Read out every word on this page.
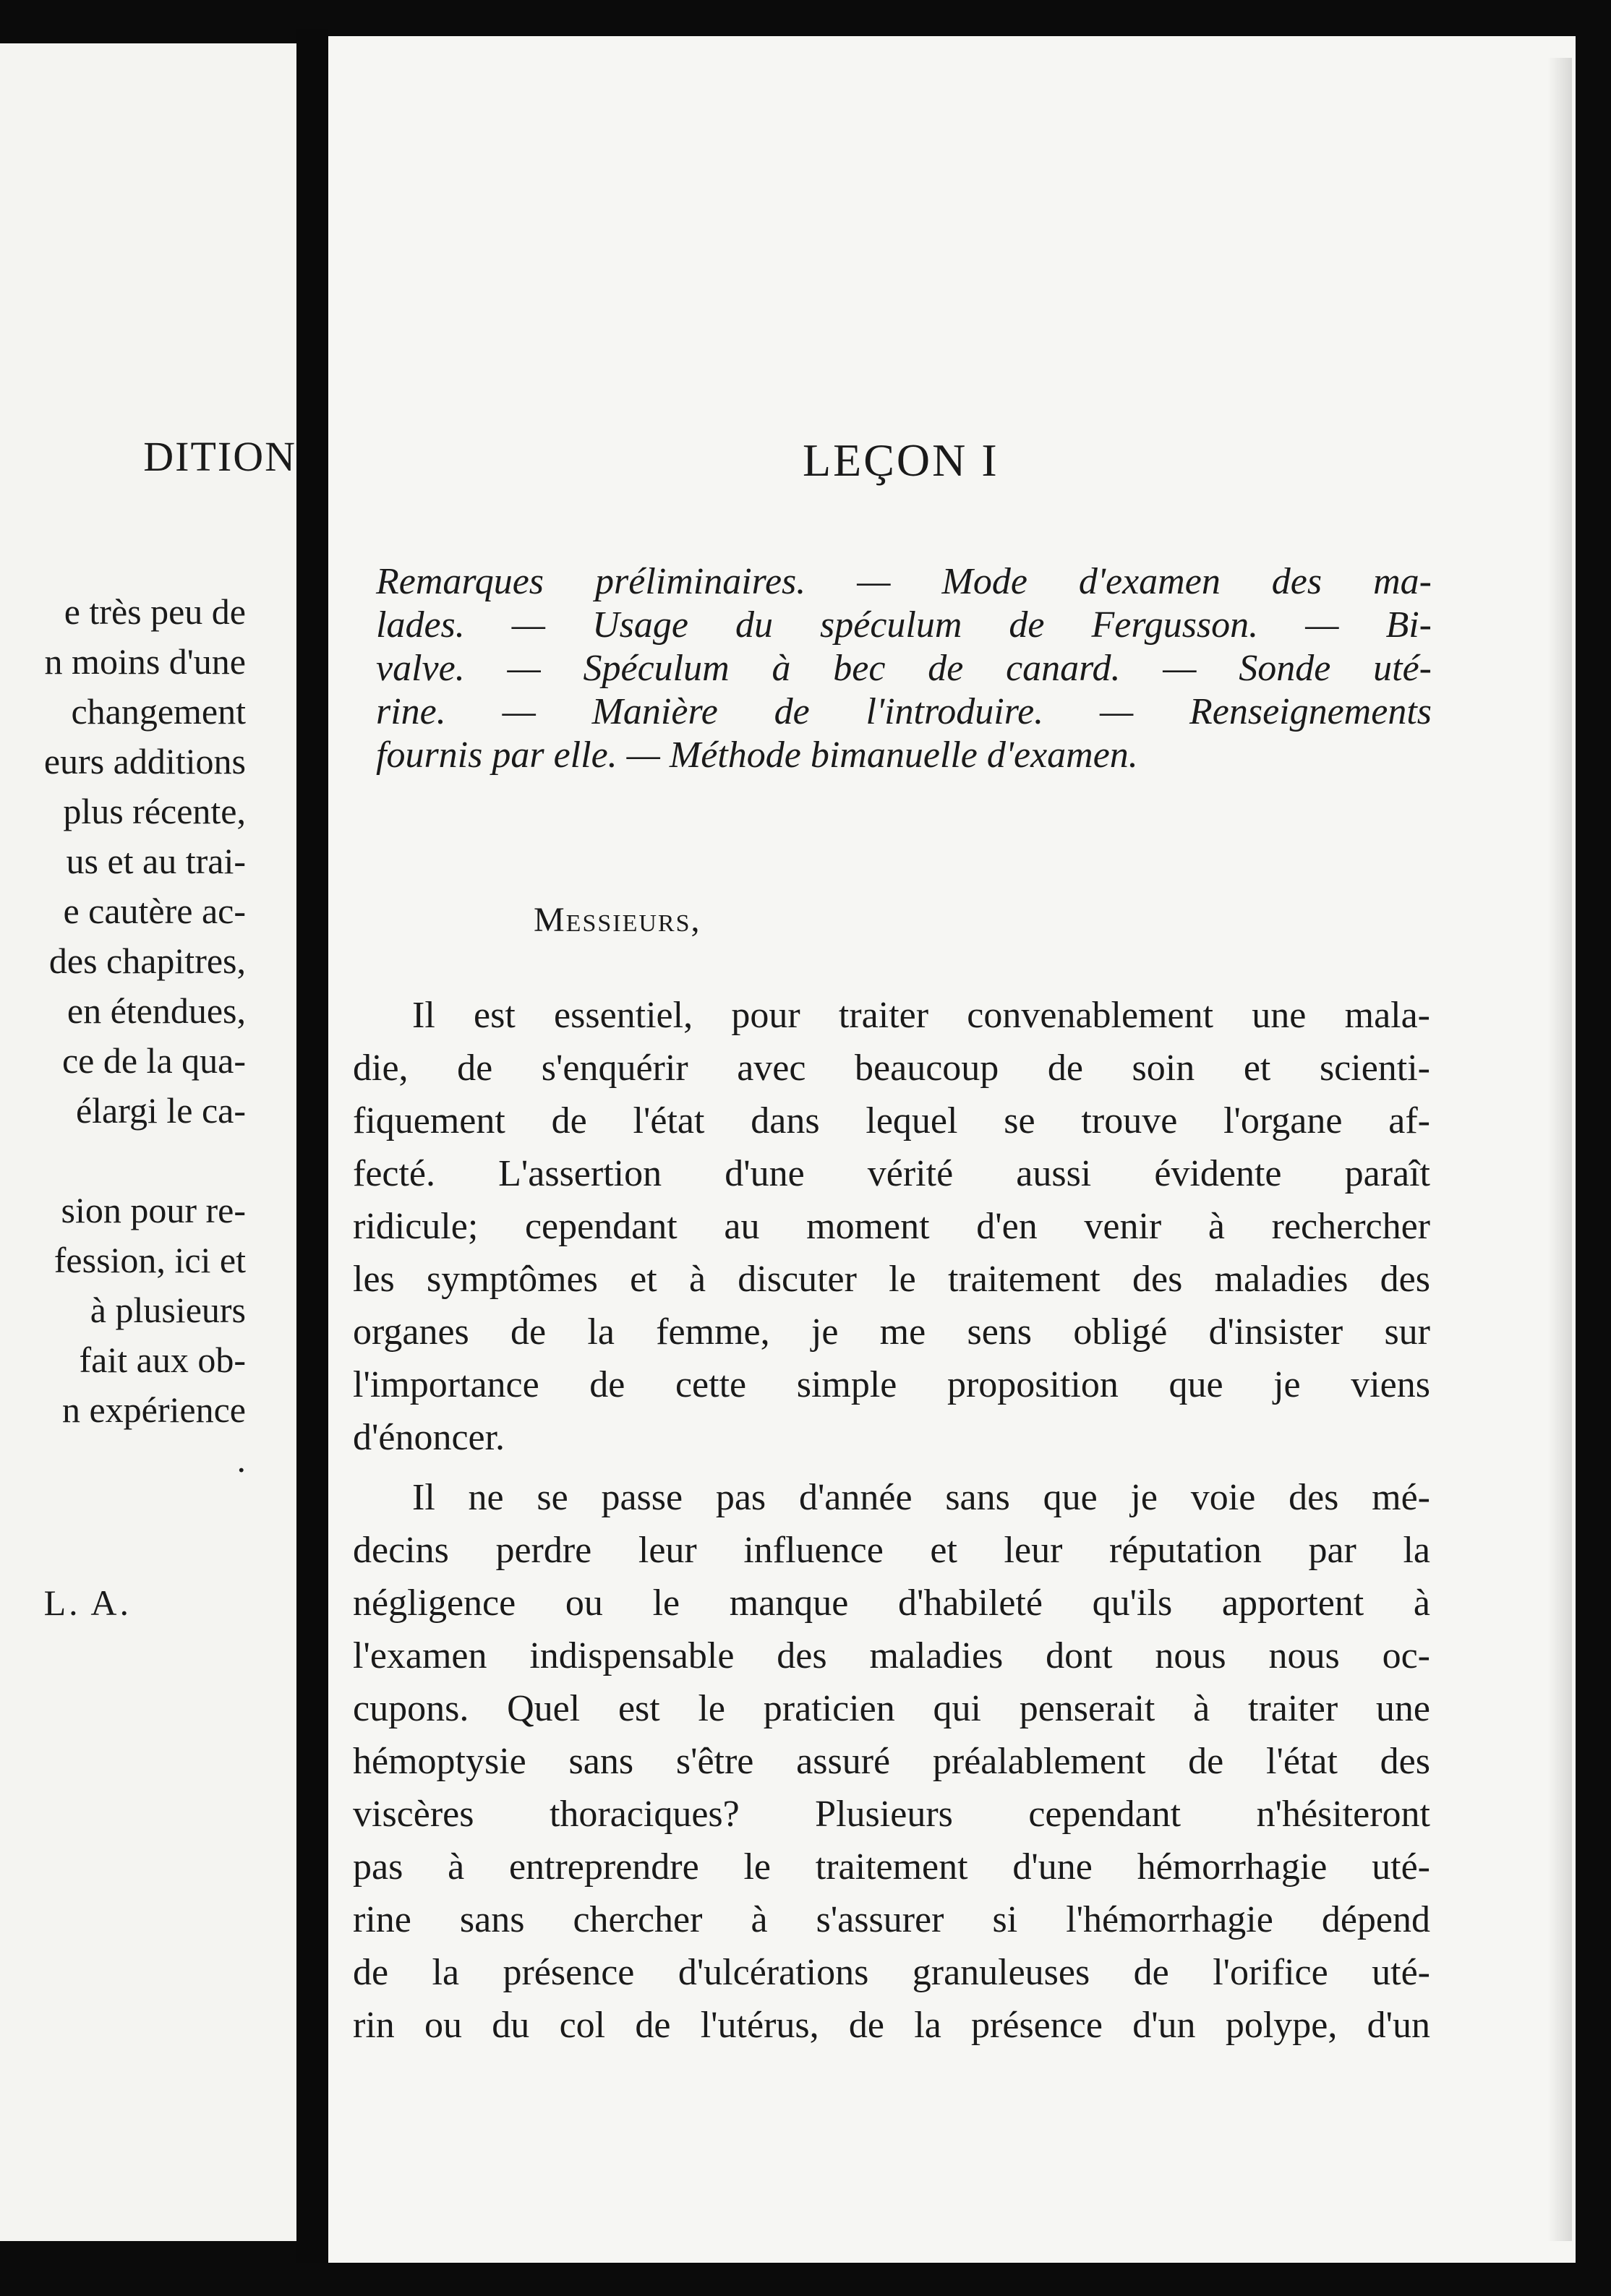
DITION
e très peu de
n moins d'une
changement
eurs additions
plus récente,
us et au trai-
e cautère ac-
des chapitres,
en étendues,
ce de la qua-
élargi le ca-
sion pour re-
fession, ici et
à plusieurs
fait aux ob-
n expérience
.
L. A.
LEÇON I
Remarques préliminaires. — Mode d'examen des ma-
lades. — Usage du spéculum de Fergusson. — Bi-
valve. — Spéculum à bec de canard. — Sonde uté-
rine. — Manière de l'introduire. — Renseignements
fournis par elle. — Méthode bimanuelle d'examen.
Messieurs,
Il est essentiel, pour traiter convenablement une mala-
die, de s'enquérir avec beaucoup de soin et scienti-
fiquement de l'état dans lequel se trouve l'organe af-
fecté. L'assertion d'une vérité aussi évidente paraît
ridicule; cependant au moment d'en venir à rechercher
les symptômes et à discuter le traitement des maladies des
organes de la femme, je me sens obligé d'insister sur
l'importance de cette simple proposition que je viens
d'énoncer.
Il ne se passe pas d'année sans que je voie des mé-
decins perdre leur influence et leur réputation par la
négligence ou le manque d'habileté qu'ils apportent à
l'examen indispensable des maladies dont nous nous oc-
cupons. Quel est le praticien qui penserait à traiter une
hémoptysie sans s'être assuré préalablement de l'état des
viscères thoraciques? Plusieurs cependant n'hésiteront
pas à entreprendre le traitement d'une hémorrhagie uté-
rine sans chercher à s'assurer si l'hémorrhagie dépend
de la présence d'ulcérations granuleuses de l'orifice uté-
rin ou du col de l'utérus, de la présence d'un polype, d'un
